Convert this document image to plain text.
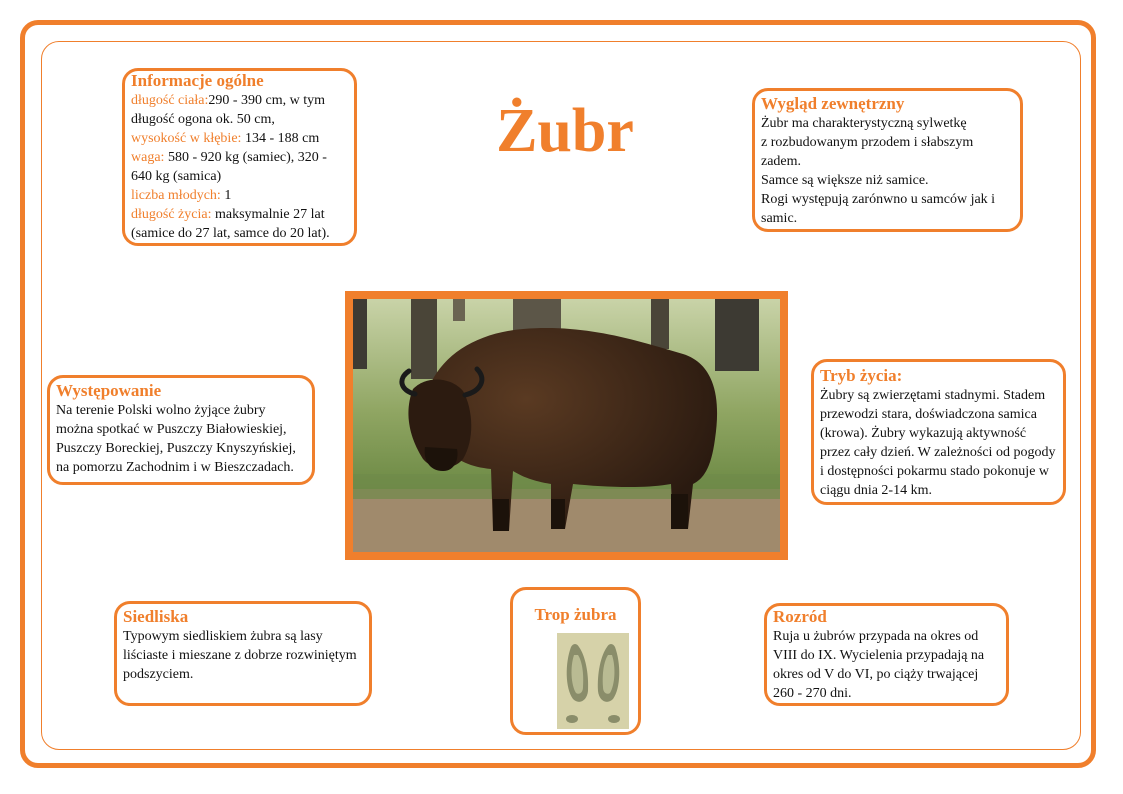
Żubr
Informacje ogólne

długość ciała:290 - 390 cm, w tym długość ogona ok. 50 cm,

wysokość w kłębie: 134 - 188 cm

waga: 580 - 920 kg (samiec), 320 - 640 kg (samica)

liczba młodych: 1

długość życia: maksymalnie 27 lat (samice do 27 lat, samce do 20 lat).

Wygląd zewnętrzny

Żubr ma charakterystyczną sylwetkę

z rozbudowanym przodem i słabszym zadem.

Samce są większe niż samice.

Rogi występują zarónwno u samców jak i samic.

Występowanie

Na terenie Polski wolno żyjące żubry można spotkać w Puszczy Białowieskiej, Puszczy Boreckiej, Puszczy Knyszyńskiej, na pomorzu Zachodnim i w Bieszczadach.

Tryb życia:

Żubry są zwierzętami stadnymi. Stadem przewodzi stara, doświadczona samica (krowa). Żubry wykazują aktywność przez cały dzień. W zależności od pogody i dostępności pokarmu stado pokonuje w ciągu dnia 2-14 km.

Siedliska

Typowym siedliskiem żubra są lasy liściaste i mieszane z dobrze rozwiniętym podszyciem.

Trop żubra	Rozród

Ruja u żubrów przypada na okres od VIII do IX. Wycielenia przypadają na okres od V do VI, po ciąży trwającej 260 - 270 dni.
